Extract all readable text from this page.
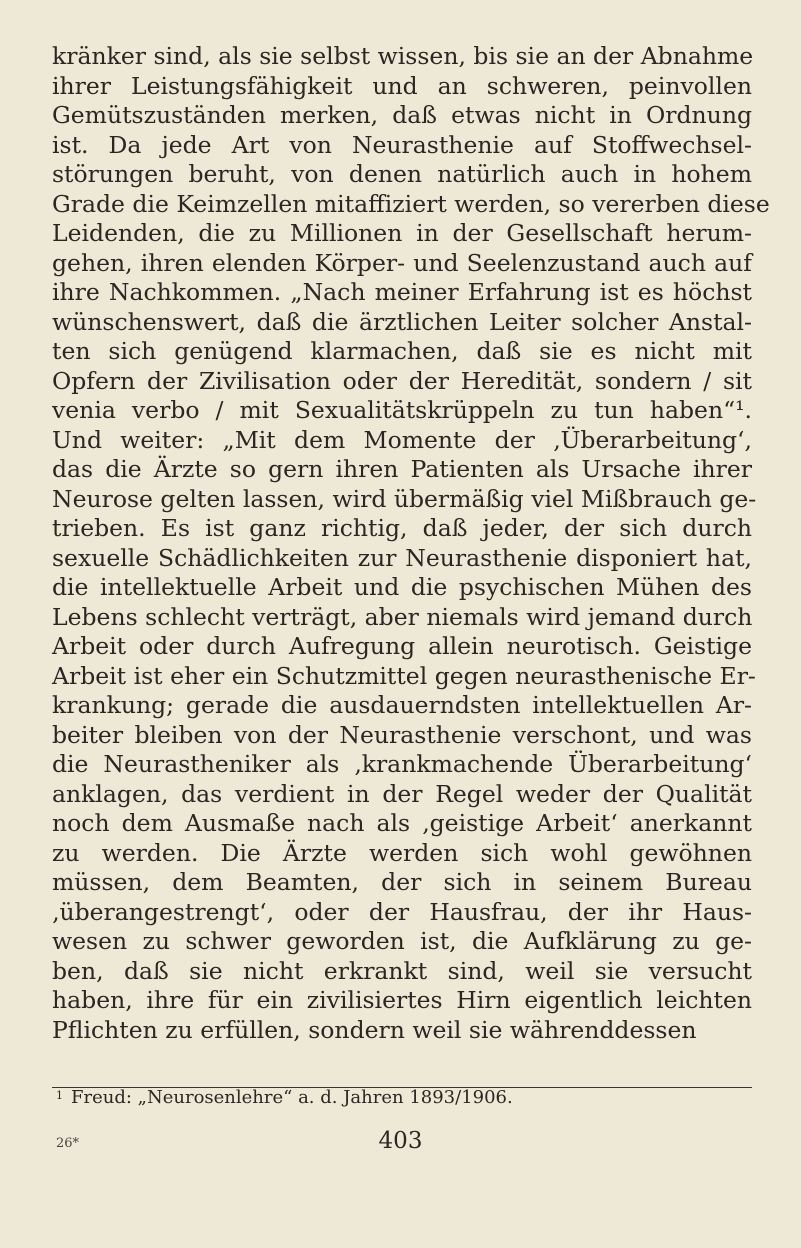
kränker sind, als sie selbst wissen, bis sie an der Abnahme
ihrer Leistungsfähigkeit und an schweren, peinvollen
Gemütszuständen merken, daß etwas nicht in Ordnung
ist. Da jede Art von Neurasthenie auf Stoffwechsel-
störungen beruht, von denen natürlich auch in hohem
Grade die Keimzellen mitaffiziert werden, so vererben diese
Leidenden, die zu Millionen in der Gesellschaft herum-
gehen, ihren elenden Körper- und Seelenzustand auch auf
ihre Nachkommen. „Nach meiner Erfahrung ist es höchst
wünschenswert, daß die ärztlichen Leiter solcher Anstal-
ten sich genügend klarmachen, daß sie es nicht mit
Opfern der Zivilisation oder der Heredität, sondern / sit
venia verbo / mit Sexualitätskrüppeln zu tun haben“¹.
Und weiter: „Mit dem Momente der ‚Überarbeitung‘,
das die Ärzte so gern ihren Patienten als Ursache ihrer
Neurose gelten lassen, wird übermäßig viel Mißbrauch ge-
trieben. Es ist ganz richtig, daß jeder, der sich durch
sexuelle Schädlichkeiten zur Neurasthenie disponiert hat,
die intellektuelle Arbeit und die psychischen Mühen des
Lebens schlecht verträgt, aber niemals wird jemand durch
Arbeit oder durch Aufregung allein neurotisch. Geistige
Arbeit ist eher ein Schutzmittel gegen neurasthenische Er-
krankung; gerade die ausdauerndsten intellektuellen Ar-
beiter bleiben von der Neurasthenie verschont, und was
die Neurastheniker als ‚krankmachende Überarbeitung‘
anklagen, das verdient in der Regel weder der Qualität
noch dem Ausmaße nach als ‚geistige Arbeit‘ anerkannt
zu werden. Die Ärzte werden sich wohl gewöhnen
müssen, dem Beamten, der sich in seinem Bureau
‚überangestrengt‘, oder der Hausfrau, der ihr Haus-
wesen zu schwer geworden ist, die Aufklärung zu ge-
ben, daß sie nicht erkrankt sind, weil sie versucht
haben, ihre für ein zivilisiertes Hirn eigentlich leichten
Pflichten zu erfüllen, sondern weil sie währenddessen
$^1$ Freud: „Neurosenlehre“ a. d. Jahren 1893/1906.
26*	403
